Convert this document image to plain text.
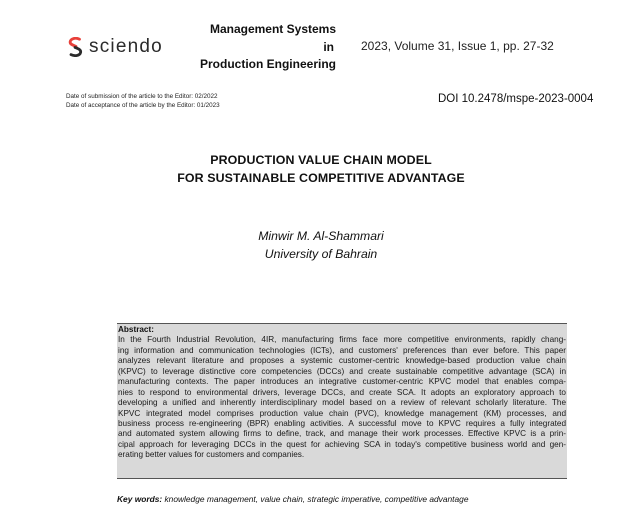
sciendo
Management Systems
in
Production Engineering
2023, Volume 31, Issue 1, pp. 27-32
Date of submission of the article to the Editor: 02/2022
Date of acceptance of the article by the Editor: 01/2023	DOI 10.2478/mspe-2023-0004
PRODUCTION VALUE CHAIN MODEL
FOR SUSTAINABLE COMPETITIVE ADVANTAGE
Minwir M. Al-Shammari
University of Bahrain
Abstract:
In the Fourth Industrial Revolution, 4IR, manufacturing firms face more competitive environments, rapidly chang-
ing information and communication technologies (ICTs), and customers' preferences than ever before. This paper
analyzes relevant literature and proposes a systemic customer-centric knowledge-based production value chain
(KPVC) to leverage distinctive core competencies (DCCs) and create sustainable competitive advantage (SCA) in
manufacturing contexts. The paper introduces an integrative customer-centric KPVC model that enables compa-
nies to respond to environmental drivers, leverage DCCs, and create SCA. It adopts an exploratory approach to
developing a unified and inherently interdisciplinary model based on a review of relevant scholarly literature. The
KPVC integrated model comprises production value chain (PVC), knowledge management (KM) processes, and
business process re-engineering (BPR) enabling activities. A successful move to KPVC requires a fully integrated
and automated system allowing firms to define, track, and manage their work processes. Effective KPVC is a prin-
cipal approach for leveraging DCCs in the quest for achieving SCA in today's competitive business world and gen-
erating better values for customers and companies.
Key words: knowledge management, value chain, strategic imperative, competitive advantage
